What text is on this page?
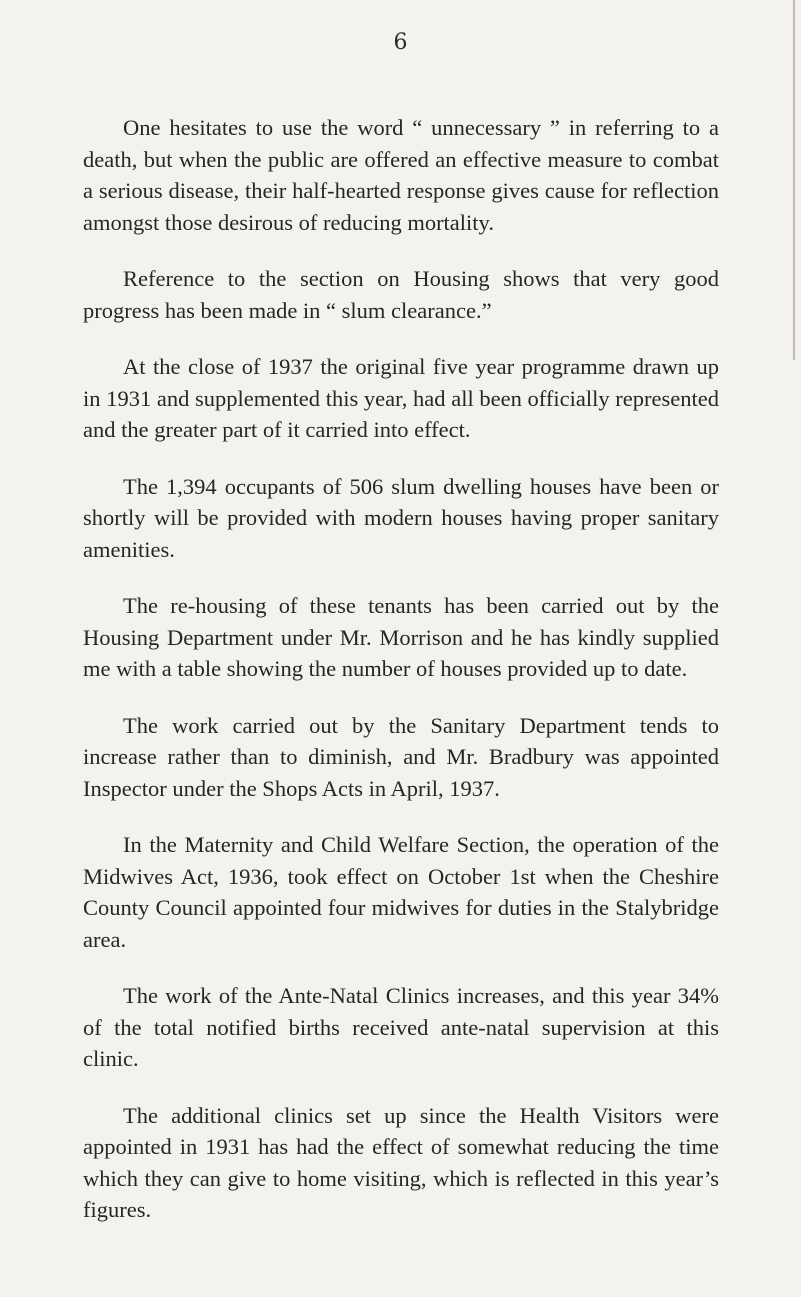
6

One hesitates to use the word “ unnecessary ” in referring to a death, but when the public are offered an effective measure to combat a serious disease, their half-hearted response gives cause for reflection amongst those desirous of reducing mortality.

Reference to the section on Housing shows that very good progress has been made in “ slum clearance.”

At the close of 1937 the original five year programme drawn up in 1931 and supplemented this year, had all been officially represented and the greater part of it carried into effect.

The 1,394 occupants of 506 slum dwelling houses have been or shortly will be provided with modern houses having proper sanitary amenities.

The re-housing of these tenants has been carried out by the Housing Department under Mr. Morrison and he has kindly supplied me with a table showing the number of houses provided up to date.

The work carried out by the Sanitary Department tends to increase rather than to diminish, and Mr. Bradbury was appointed Inspector under the Shops Acts in April, 1937.

In the Maternity and Child Welfare Section, the operation of the Midwives Act, 1936, took effect on October 1st when the Cheshire County Council appointed four midwives for duties in the Stalybridge area.

The work of the Ante-Natal Clinics increases, and this year 34% of the total notified births received ante-natal supervision at this clinic.

The additional clinics set up since the Health Visitors were appointed in 1931 has had the effect of somewhat reducing the time which they can give to home visiting, which is reflected in this year’s figures.
